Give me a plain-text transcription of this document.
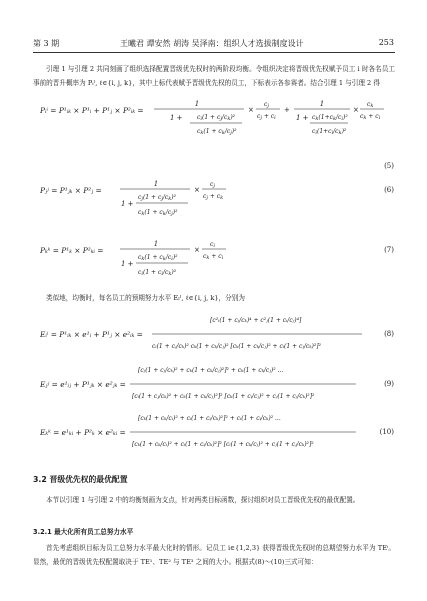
第 3 期	王曦君 谭安然 胡涛 吴泽南：组织人才选拔制度设计	253
引理 1 与引理 2 共同刻画了组织选择配置晋级优先权时的两阶段均衡。令组织决定将晋级优先权赋予员工 i 时各名员工事前的晋升概率为 Pᵢˡ, ℓ∈{i, j, k}，其中上标代表赋予晋级优先权的员工，下标表示各参赛者。结合引理 1 与引理 2 得
Pᵢⁱ = P¹ᵢₖ × P¹ᵢ + P¹ⱼ × P²ᵢₖ =
1
1 + ci(1 + cj/ck)²
ck(1 + ck/cj)²
×
cj
cj + ci
+
1
1 + ck(1+ck/ci)²
ci(1+ci/ck)²
×
ck
ck + ci
(5)
Pⱼʲ = P¹ⱼₖ × P²ⱼ =
1
1 +
cj(1 + cj/ck)²
ck(1 + ck/cj)²
×
cj
cj + ck
(6)
Pₖᵏ = P¹ₖ × P²ₖᵢ =
1
1 +
ck(1 + ck/ci)²
ci(1 + ci/ck)²
×
ci
ck + ci
(7)
类似地，均衡时，每名员工的预期努力水平 Eₗˡ, ℓ∈{i, j, k}，分别为
Eᵢⁱ = P¹ᵢₖ × e¹ᵢ + P¹ⱼ × e²ᵢₖ =
[c²ᵢ(1 + cⱼ/cₖ)⁴ + c²ⱼ(1 + cᵢ/cⱼ)⁴]
cᵢ(1 + cⱼ/cₖ)² cₖ(1 + cₖ/cⱼ)² [cₖ(1 + cₖ/cⱼ)² + cᵢ(1 + cⱼ/cₖ)²]²
(8)
Eⱼʲ = e¹ᵢⱼ + P¹ⱼₖ × e²ⱼₖ =
[cⱼ(1 + cⱼ/cₖ)² + cₖ(1 + cₖ/cⱼ)²]² + cₖ(1 + cₖ/cⱼ)² ...
[cᵢ(1 + cⱼ/cₖ)² + cₖ(1 + cₖ/cⱼ)²]² [cₖ(1 + cᵢ/cⱼ)² + cⱼ(1 + cⱼ/cₖ)²]²
(9)
Eₖᵏ = e¹ₖᵢ + P²ₖ × e²ₖᵢ =
[cₖ(1 + cₖ/cᵢ)² + cᵢ(1 + cᵢ/cₖ)²]² + cᵢ(1 + cᵢ/cₖ)² ...
[cₖ(1 + cₖ/cᵢ)² + cᵢ(1 + cᵢ/cₖ)²]² [cᵢ(1 + cₖ/cⱼ)² + cⱼ(1 + cⱼ/cₖ)²]²
(10)
3.2 晋级优先权的最优配置
本节以引理 1 与引理 2 中的均衡刻画为支点，针对两类目标函数，探讨组织对员工晋级优先权的最优配置。
3.2.1 最大化所有员工总努力水平
首先考虑组织目标为员工总努力水平最大化时的情形。记员工 i∈{1,2,3} 获得晋级优先权时的总期望努力水平为 TEⁱ。显然，最优的晋级优先权配置取决于 TE¹、TE² 与 TE³ 之间的大小。根据式(8)～(10)三式可知：
